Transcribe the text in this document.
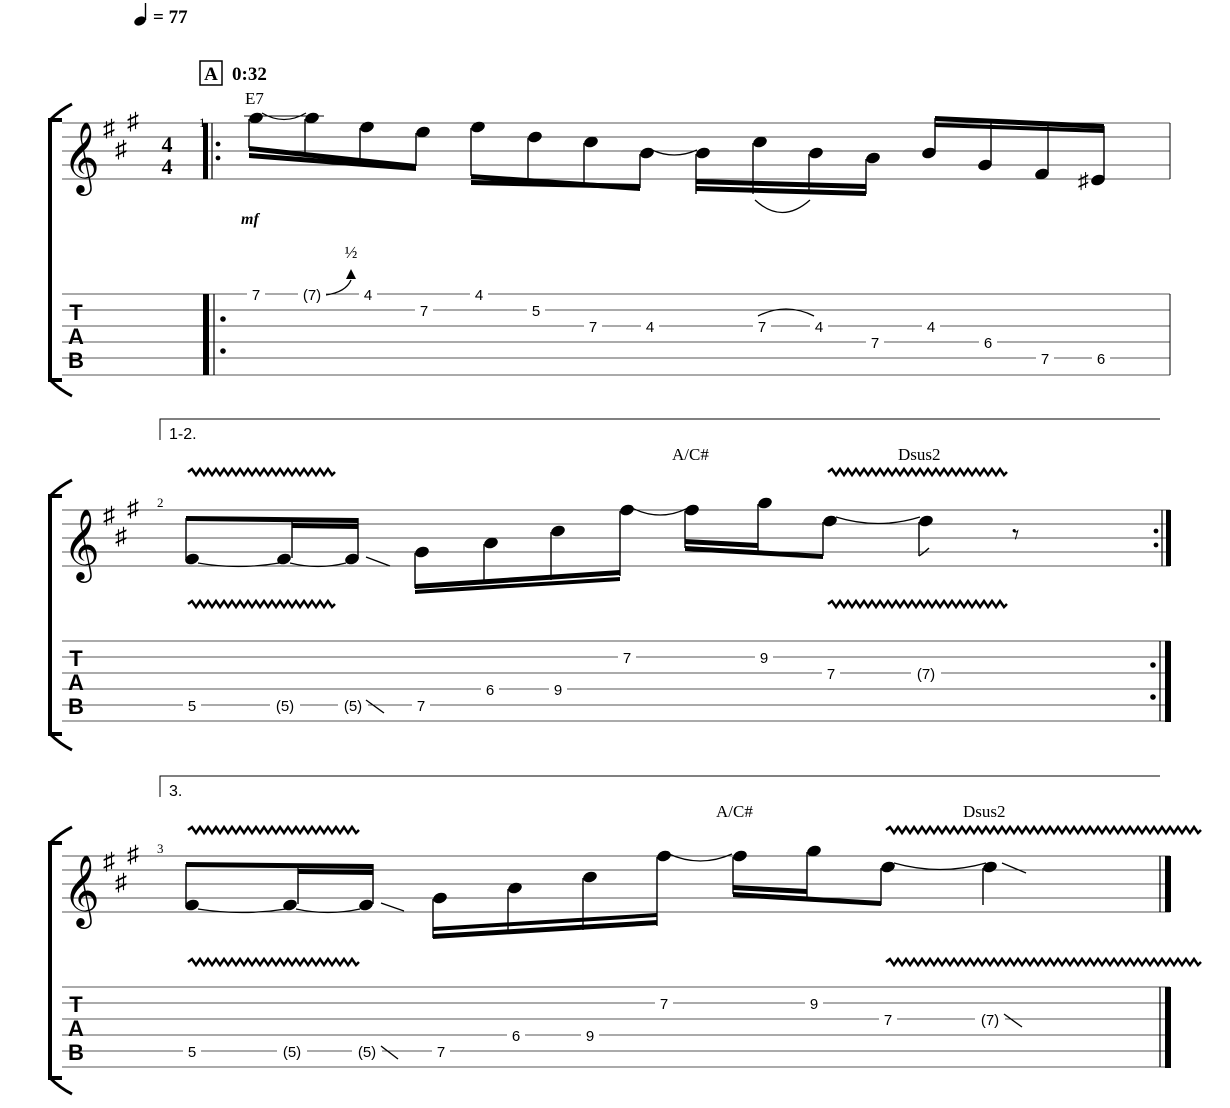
= 77
A 0:32
𝄞 ♯
♯
♯
4
4
1
E7
mf
♯
T
A
B
½
7	(7)	4
7
4
5
7	4	7	4
7
4
6
7	6
1-2.
A/C#	Dsus2
𝄞 ♯
♯
♯ 2
𝄾
T
A
B	5	(5)	(5)	7
6	9
7	9
7	(7)
3.
A/C#	Dsus2
𝄞 ♯
♯
♯ 3
T
A
B	5	(5)	(5)	7
6	9
7	9
7	(7)
